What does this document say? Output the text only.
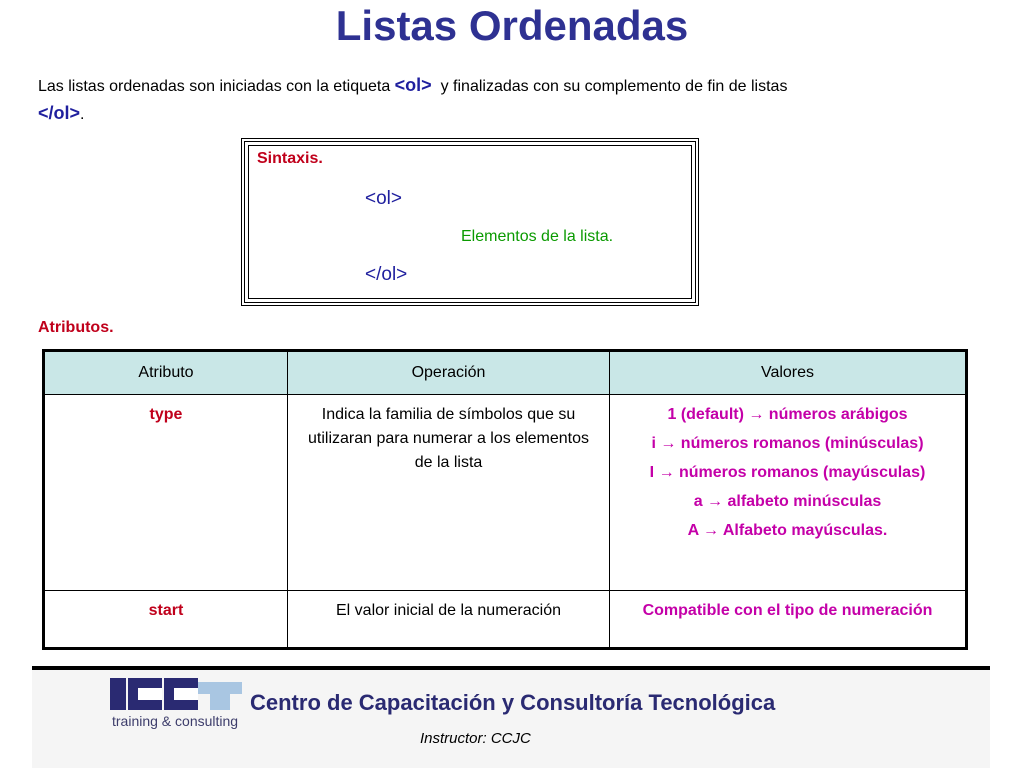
Listas Ordenadas
Las listas ordenadas son iniciadas con la etiqueta <ol>  y finalizadas con su complemento de fin de listas
</ol>.
Sintaxis.
<ol>
Elementos de la lista.
</ol>
Atributos.
Atributo	Operación	Valores
type	Indica la familia de símbolos que su utilizaran para numerar a los elementos de la lista	1 (default) → números arábigos
i → números romanos (minúsculas)
I → números romanos (mayúsculas)
a → alfabeto minúsculas
A → Alfabeto mayúsculas.

start	El valor inicial de la numeración	Compatible con el tipo de numeración
training & consulting
Centro de Capacitación y Consultoría Tecnológica
Instructor: CCJC
